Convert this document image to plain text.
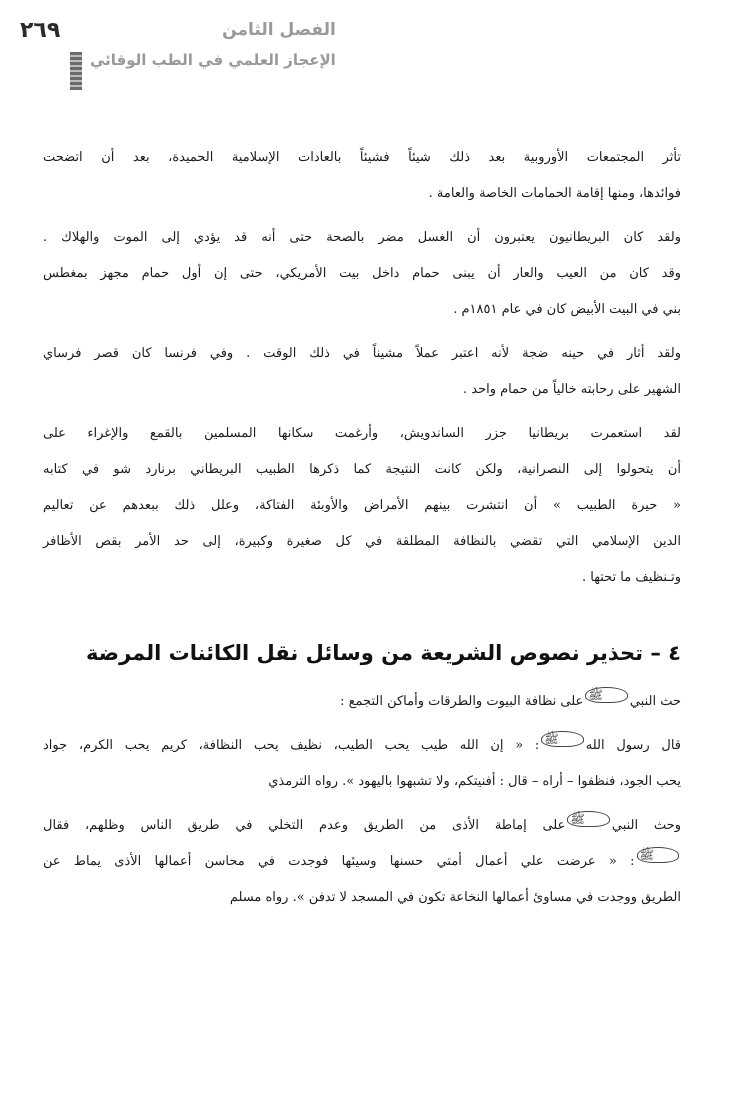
٢٦٩	الفصل الثامن
الإعجاز العلمي في الطب الوقائي
تأثر المجتمعات الأوروبية بعد ذلك شيئاً فشيئاً بالعادات الإسلامية الحميدة، بعد أن اتضحت
فوائدها، ومنها إقامة الحمامات الخاصة والعامة .
ولقد كان البريطانيون يعتبرون أن الغسل مضر بالصحة حتى أنه قد يؤدي إلى الموت والهلاك .
وقد كان من العيب والعار أن يبنى حمام داخل بيت الأمريكي، حتى إن أول حمام مجهز بمغطس
بني في البيت الأبيض كان في عام ١٨٥١م .
ولقد أثار في حينه ضجة لأنه اعتبر عملاً مشيناً في ذلك الوقت . وفي فرنسا كان قصر فرساي
الشهير على رحابته خالياً من حمام واحد .
لقد استعمرت بريطانيا جزر الساندويش، وأرغمت سكانها المسلمين بالقمع والإغراء على
أن يتحولوا إلى النصرانية، ولكن كانت النتيجة كما ذكرها الطبيب البريطاني برنارد شو في كتابه
« حيرة الطبيب » أن انتشرت بينهم الأمراض والأوبئة الفتاكة، وعلل ذلك ببعدهم عن تعاليم
الدين الإسلامي التي تقضي بالنظافة المطلقة في كل صغيرة وكبيرة، إلى حد الأمر بقص الأظافر
وتـنظيف ما تحتها .
٤ – تحذير نصوص الشريعة من وسائل نقل الكائنات المرضة
حث النبيﷺعلى نظافة البيوت والطرقات وأماكن التجمع :
قال رسول اللهﷺ: « إن الله طيب يحب الطيب، نظيف يحب النظافة، كريم يحب الكرم، جواد
يحب الجود، فنظفوا – أراه – قال : أفنيتكم، ولا تشبهوا باليهود ». رواه الترمذي
وحث النبيﷺعلى إماطة الأذى من الطريق وعدم التخلي في طريق الناس وظلهم، فقال
ﷺ: « عرضت علي أعمال أمتي حسنها وسيئها فوجدت في محاسن أعمالها الأذى يماط عن
الطريق ووجدت في مساوئ أعمالها النخاعة تكون في المسجد لا تدفن ». رواه مسلم
